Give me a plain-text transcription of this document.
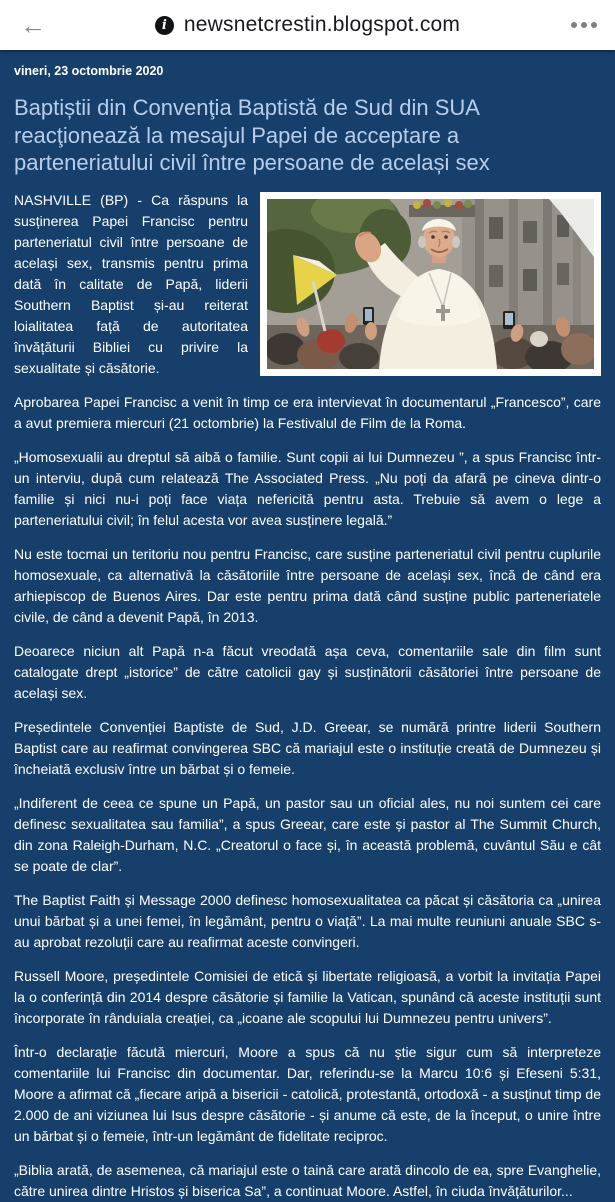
←	i newsnetcrestin.blogspot.com
vineri, 23 octombrie 2020
Baptiștii din Convenţia Baptistă de Sud din SUA reacţionează la mesajul Papei de acceptare a parteneriatului civil între persoane de același sex

NASHVILLE (BP) - Ca răspuns la susținerea Papei Francisc pentru parteneriatul civil între persoane de același sex, transmis pentru prima dată în calitate de Papă, liderii Southern Baptist și-au reiterat loialitatea față de autoritatea învățăturii Bibliei cu privire la sexualitate și căsătorie.

Aprobarea Papei Francisc a venit în timp ce era intervievat în documentarul „Francesco”, care a avut premiera miercuri (21 octombrie) la Festivalul de Film de la Roma.

„Homosexualii au dreptul să aibă o familie. Sunt copii ai lui Dumnezeu ”, a spus Francisc într-un interviu, după cum relatează The Associated Press. „Nu poți da afară pe cineva dintr-o familie și nici nu-i poți face viața nefericită pentru asta. Trebuie să avem o lege a parteneriatului civil; în felul acesta vor avea susținere legală.”

Nu este tocmai un teritoriu nou pentru Francisc, care susține parteneriatul civil pentru cuplurile homosexuale, ca alternativă la căsătoriile între persoane de același sex, încă de când era arhiepiscop de Buenos Aires. Dar este pentru prima dată când susține public parteneriatele civile, de când a devenit Papă, în 2013.

Deoarece niciun alt Papă n-a făcut vreodată așa ceva, comentariile sale din film sunt catalogate drept „istorice” de către catolicii gay și susținătorii căsătoriei între persoane de același sex.

Președintele Convenției Baptiste de Sud, J.D. Greear, se numără printre liderii Southern Baptist care au reafirmat convingerea SBC că mariajul este o instituție creată de Dumnezeu și încheiată exclusiv între un bărbat și o femeie.

„Indiferent de ceea ce spune un Papă, un pastor sau un oficial ales, nu noi suntem cei care definesc sexualitatea sau familia”, a spus Greear, care este și pastor al The Summit Church, din zona Raleigh-Durham, N.C. „Creatorul o face și, în această problemă, cuvântul Său e cât se poate de clar”.

The Baptist Faith și Message 2000 definesc homosexualitatea ca păcat și căsătoria ca „unirea unui bărbat și a unei femei, în legământ, pentru o viață”. La mai multe reuniuni anuale SBC s-au aprobat rezoluții care au reafirmat aceste convingeri.

Russell Moore, președintele Comisiei de etică și libertate religioasă, a vorbit la invitația Papei la o conferință din 2014 despre căsătorie și familie la Vatican, spunând că aceste instituții sunt încorporate în rânduiala creației, ca „icoane ale scopului lui Dumnezeu pentru univers”.

Într-o declarație făcută miercuri, Moore a spus că nu știe sigur cum să interpreteze comentariile lui Francisc din documentar. Dar, referindu-se la Marcu 10:6 și Efeseni 5:31, Moore a afirmat că „fiecare aripă a bisericii - catolică, protestantă, ortodoxă - a susținut timp de 2.000 de ani viziunea lui Isus despre căsătorie - și anume că este, de la început, o unire între un bărbat și o femeie, într-un legământ de fidelitate reciproc.

„Biblia arată, de asemenea, că mariajul este o taină care arată dincolo de ea, spre Evanghelie, către unirea dintre Hristos și biserica Sa”, a continuat Moore. Astfel, în ciuda învățăturilor...
